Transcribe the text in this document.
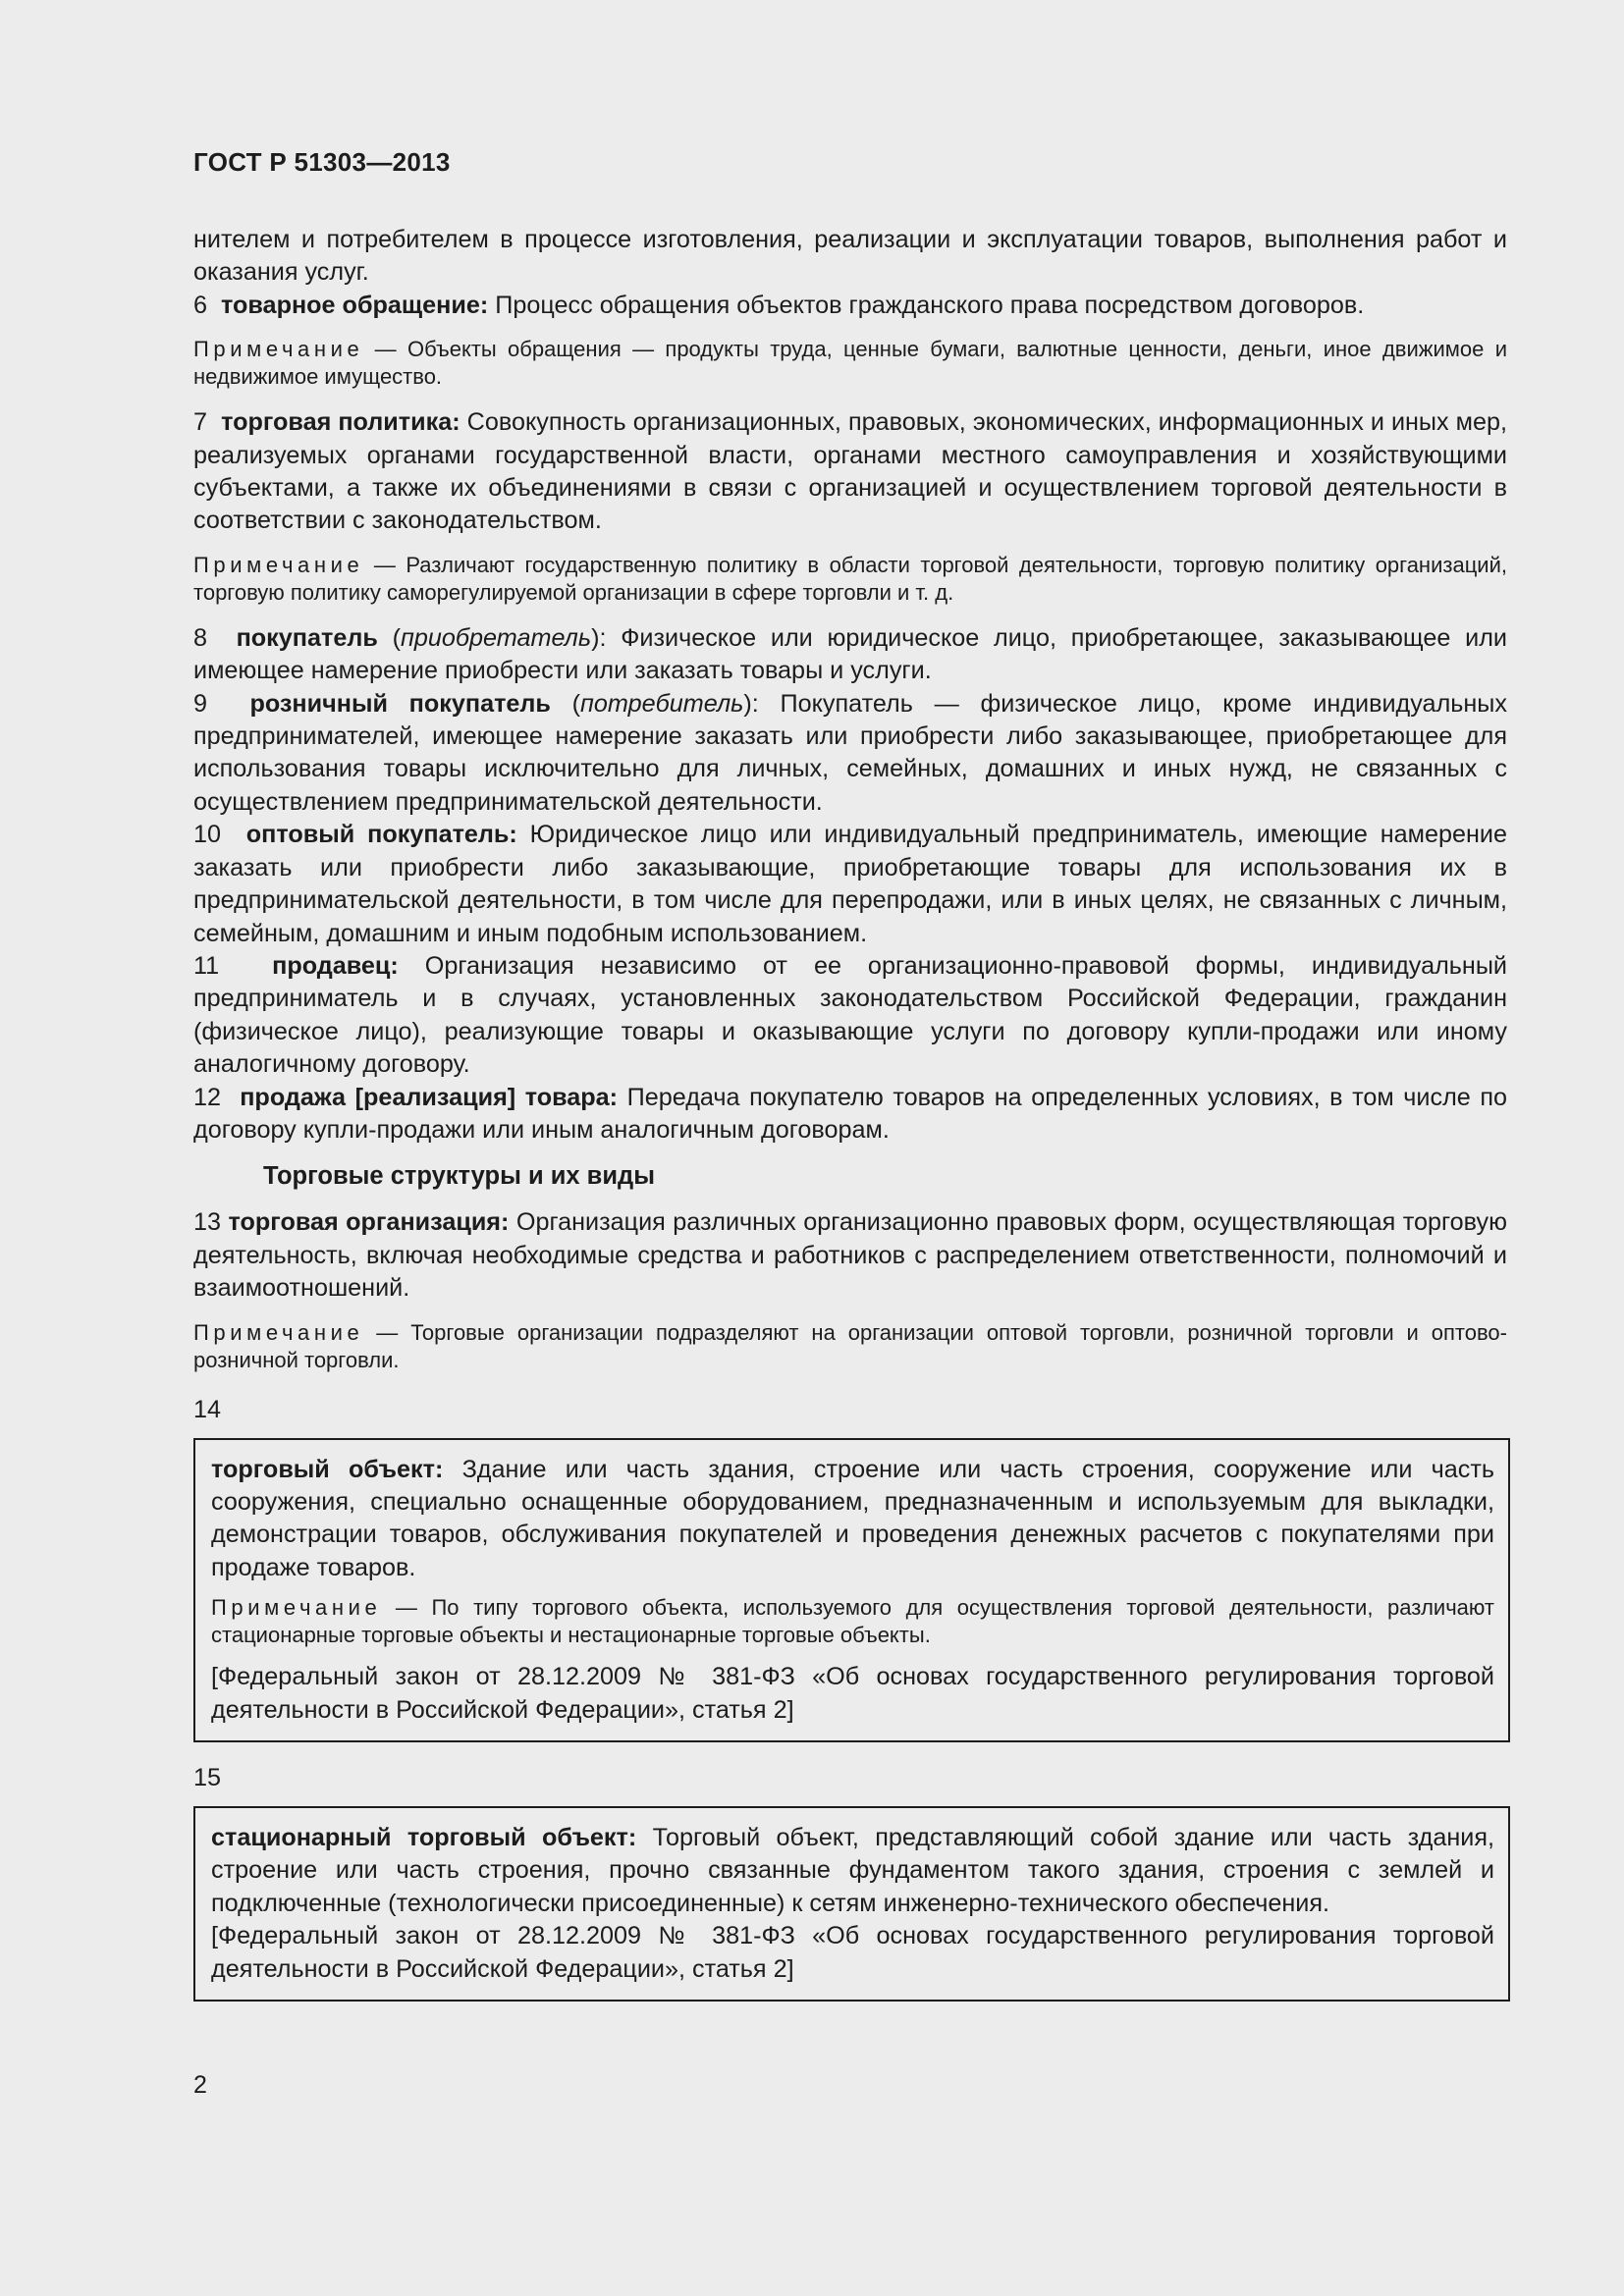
ГОСТ Р 51303—2013

нителем и потребителем в процессе изготовления, реализации и эксплуатации товаров, выполнения работ и оказания услуг.

6 товарное обращение: Процесс обращения объектов гражданского права посредством договоров.

Примечание — Объекты обращения — продукты труда, ценные бумаги, валютные ценности, деньги, иное движимое и недвижимое имущество.

7 торговая политика: Совокупность организационных, правовых, экономических, информационных и иных мер, реализуемых органами государственной власти, органами местного самоуправления и хозяйствующими субъектами, а также их объединениями в связи с организацией и осуществлением торговой деятельности в соответствии с законодательством.

Примечание — Различают государственную политику в области торговой деятельности, торговую политику организаций, торговую политику саморегулируемой организации в сфере торговли и т. д.

8 покупатель (приобретатель): Физическое или юридическое лицо, приобретающее, заказывающее или имеющее намерение приобрести или заказать товары и услуги.

9 розничный покупатель (потребитель): Покупатель — физическое лицо, кроме индивидуальных предпринимателей, имеющее намерение заказать или приобрести либо заказывающее, приобретающее для использования товары исключительно для личных, семейных, домашних и иных нужд, не связанных с осуществлением предпринимательской деятельности.

10 оптовый покупатель: Юридическое лицо или индивидуальный предприниматель, имеющие намерение заказать или приобрести либо заказывающие, приобретающие товары для использования их в предпринимательской деятельности, в том числе для перепродажи, или в иных целях, не связанных с личным, семейным, домашним и иным подобным использованием.

11 продавец: Организация независимо от ее организационно-правовой формы, индивидуальный предприниматель и в случаях, установленных законодательством Российской Федерации, гражданин (физическое лицо), реализующие товары и оказывающие услуги по договору купли-продажи или иному аналогичному договору.

12 продажа [реализация] товара: Передача покупателю товаров на определенных условиях, в том числе по договору купли-продажи или иным аналогичным договорам.

Торговые структуры и их виды

13 торговая организация: Организация различных организационно правовых форм, осуществляющая торговую деятельность, включая необходимые средства и работников с распределением ответственности, полномочий и взаимоотношений.

Примечание — Торговые организации подразделяют на организации оптовой торговли, розничной торговли и оптово-розничной торговли.

14

торговый объект: Здание или часть здания, строение или часть строения, сооружение или часть сооружения, специально оснащенные оборудованием, предназначенным и используемым для выкладки, демонстрации товаров, обслуживания покупателей и проведения денежных расчетов с покупателями при продаже товаров.

Примечание — По типу торгового объекта, используемого для осуществления торговой деятельности, различают стационарные торговые объекты и нестационарные торговые объекты.

[Федеральный закон от 28.12.2009 № 381-ФЗ «Об основах государственного регулирования торговой деятельности в Российской Федерации», статья 2]

15

стационарный торговый объект: Торговый объект, представляющий собой здание или часть здания, строение или часть строения, прочно связанные фундаментом такого здания, строения с землей и подключенные (технологически присоединенные) к сетям инженерно-технического обеспечения.

[Федеральный закон от 28.12.2009 № 381-ФЗ «Об основах государственного регулирования торговой деятельности в Российской Федерации», статья 2]

2
